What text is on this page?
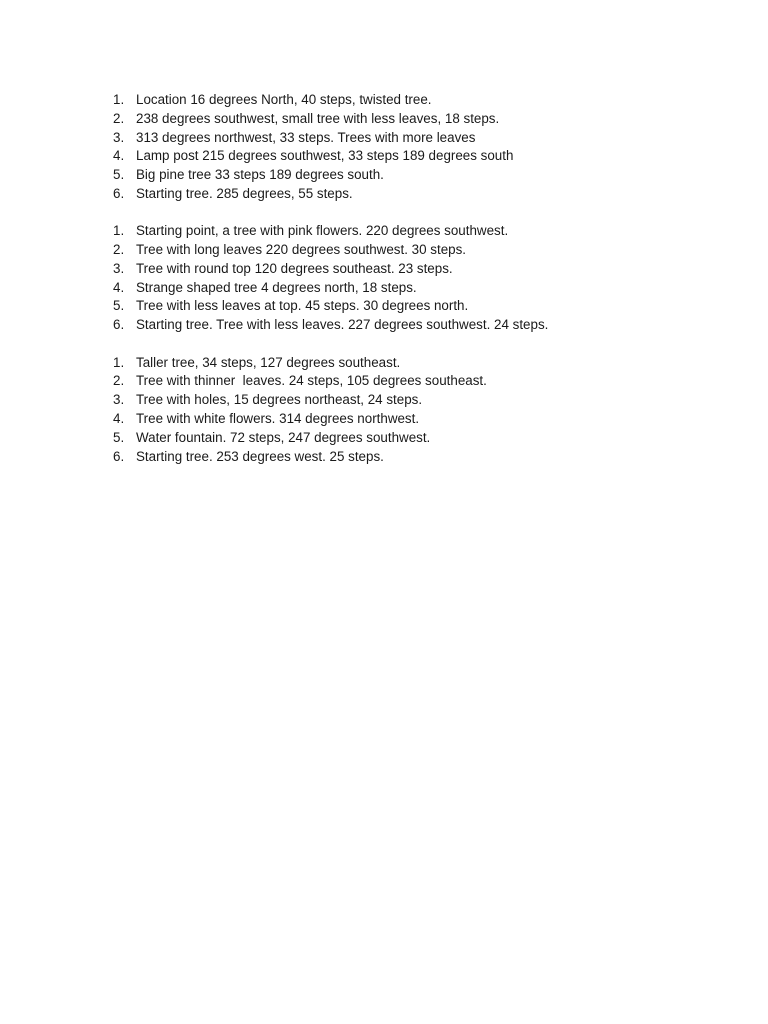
1. Location 16 degrees North, 40 steps, twisted tree.
2. 238 degrees southwest, small tree with less leaves, 18 steps.
3. 313 degrees northwest, 33 steps. Trees with more leaves
4. Lamp post 215 degrees southwest, 33 steps 189 degrees south
5. Big pine tree 33 steps 189 degrees south.
6. Starting tree. 285 degrees, 55 steps.
1. Starting point, a tree with pink flowers. 220 degrees southwest.
2. Tree with long leaves 220 degrees southwest. 30 steps.
3. Tree with round top 120 degrees southeast. 23 steps.
4. Strange shaped tree 4 degrees north, 18 steps.
5. Tree with less leaves at top. 45 steps. 30 degrees north.
6. Starting tree. Tree with less leaves. 227 degrees southwest. 24 steps.
1. Taller tree, 34 steps, 127 degrees southeast.
2. Tree with thinner  leaves. 24 steps, 105 degrees southeast.
3. Tree with holes, 15 degrees northeast, 24 steps.
4. Tree with white flowers. 314 degrees northwest.
5. Water fountain. 72 steps, 247 degrees southwest.
6. Starting tree. 253 degrees west. 25 steps.
